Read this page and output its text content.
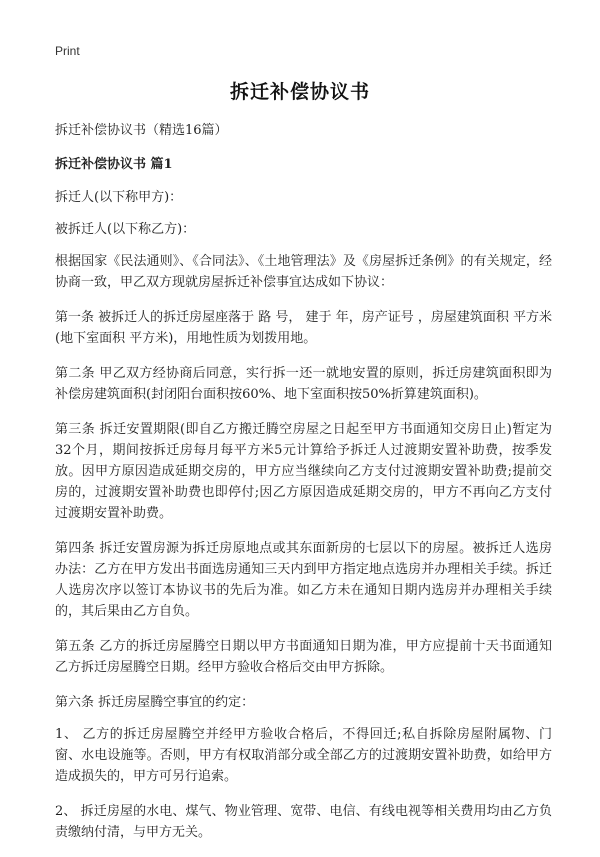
Print
拆迁补偿协议书

拆迁补偿协议书（精选16篇）

拆迁补偿协议书 篇1

拆迁人(以下称甲方)：

被拆迁人(以下称乙方)：

根据国家《民法通则》、《合同法》、《土地管理法》及《房屋拆迁条例》的有关规定，经协商一致，甲乙双方现就房屋拆迁补偿事宜达成如下协议：

第一条 被拆迁人的拆迁房屋座落于 路 号， 建于 年，房产证号 ，房屋建筑面积 平方米(地下室面积 平方米)，用地性质为划拨用地。

第二条 甲乙双方经协商后同意，实行拆一还一就地安置的原则，拆迁房建筑面积即为补偿房建筑面积(封闭阳台面积按60%、地下室面积按50%折算建筑面积)。

第三条 拆迁安置期限(即自乙方搬迁腾空房屋之日起至甲方书面通知交房日止)暂定为32个月，期间按拆迁房每月每平方米5元计算给予拆迁人过渡期安置补助费，按季发放。因甲方原因造成延期交房的，甲方应当继续向乙方支付过渡期安置补助费;提前交房的，过渡期安置补助费也即停付;因乙方原因造成延期交房的，甲方不再向乙方支付过渡期安置补助费。

第四条 拆迁安置房源为拆迁房原地点或其东面新房的七层以下的房屋。被拆迁人选房办法：乙方在甲方发出书面选房通知三天内到甲方指定地点选房并办理相关手续。拆迁人选房次序以签订本协议书的先后为准。如乙方未在通知日期内选房并办理相关手续的，其后果由乙方自负。

第五条 乙方的拆迁房屋腾空日期以甲方书面通知日期为准，甲方应提前十天书面通知乙方拆迁房屋腾空日期。经甲方验收合格后交由甲方拆除。

第六条 拆迁房屋腾空事宜的约定：

1、 乙方的拆迁房屋腾空并经甲方验收合格后，不得回迁;私自拆除房屋附属物、门窗、水电设施等。否则，甲方有权取消部分或全部乙方的过渡期安置补助费，如给甲方造成损失的，甲方可另行追索。

2、 拆迁房屋的水电、煤气、物业管理、宽带、电信、有线电视等相关费用均由乙方负责缴纳付清，与甲方无关。
